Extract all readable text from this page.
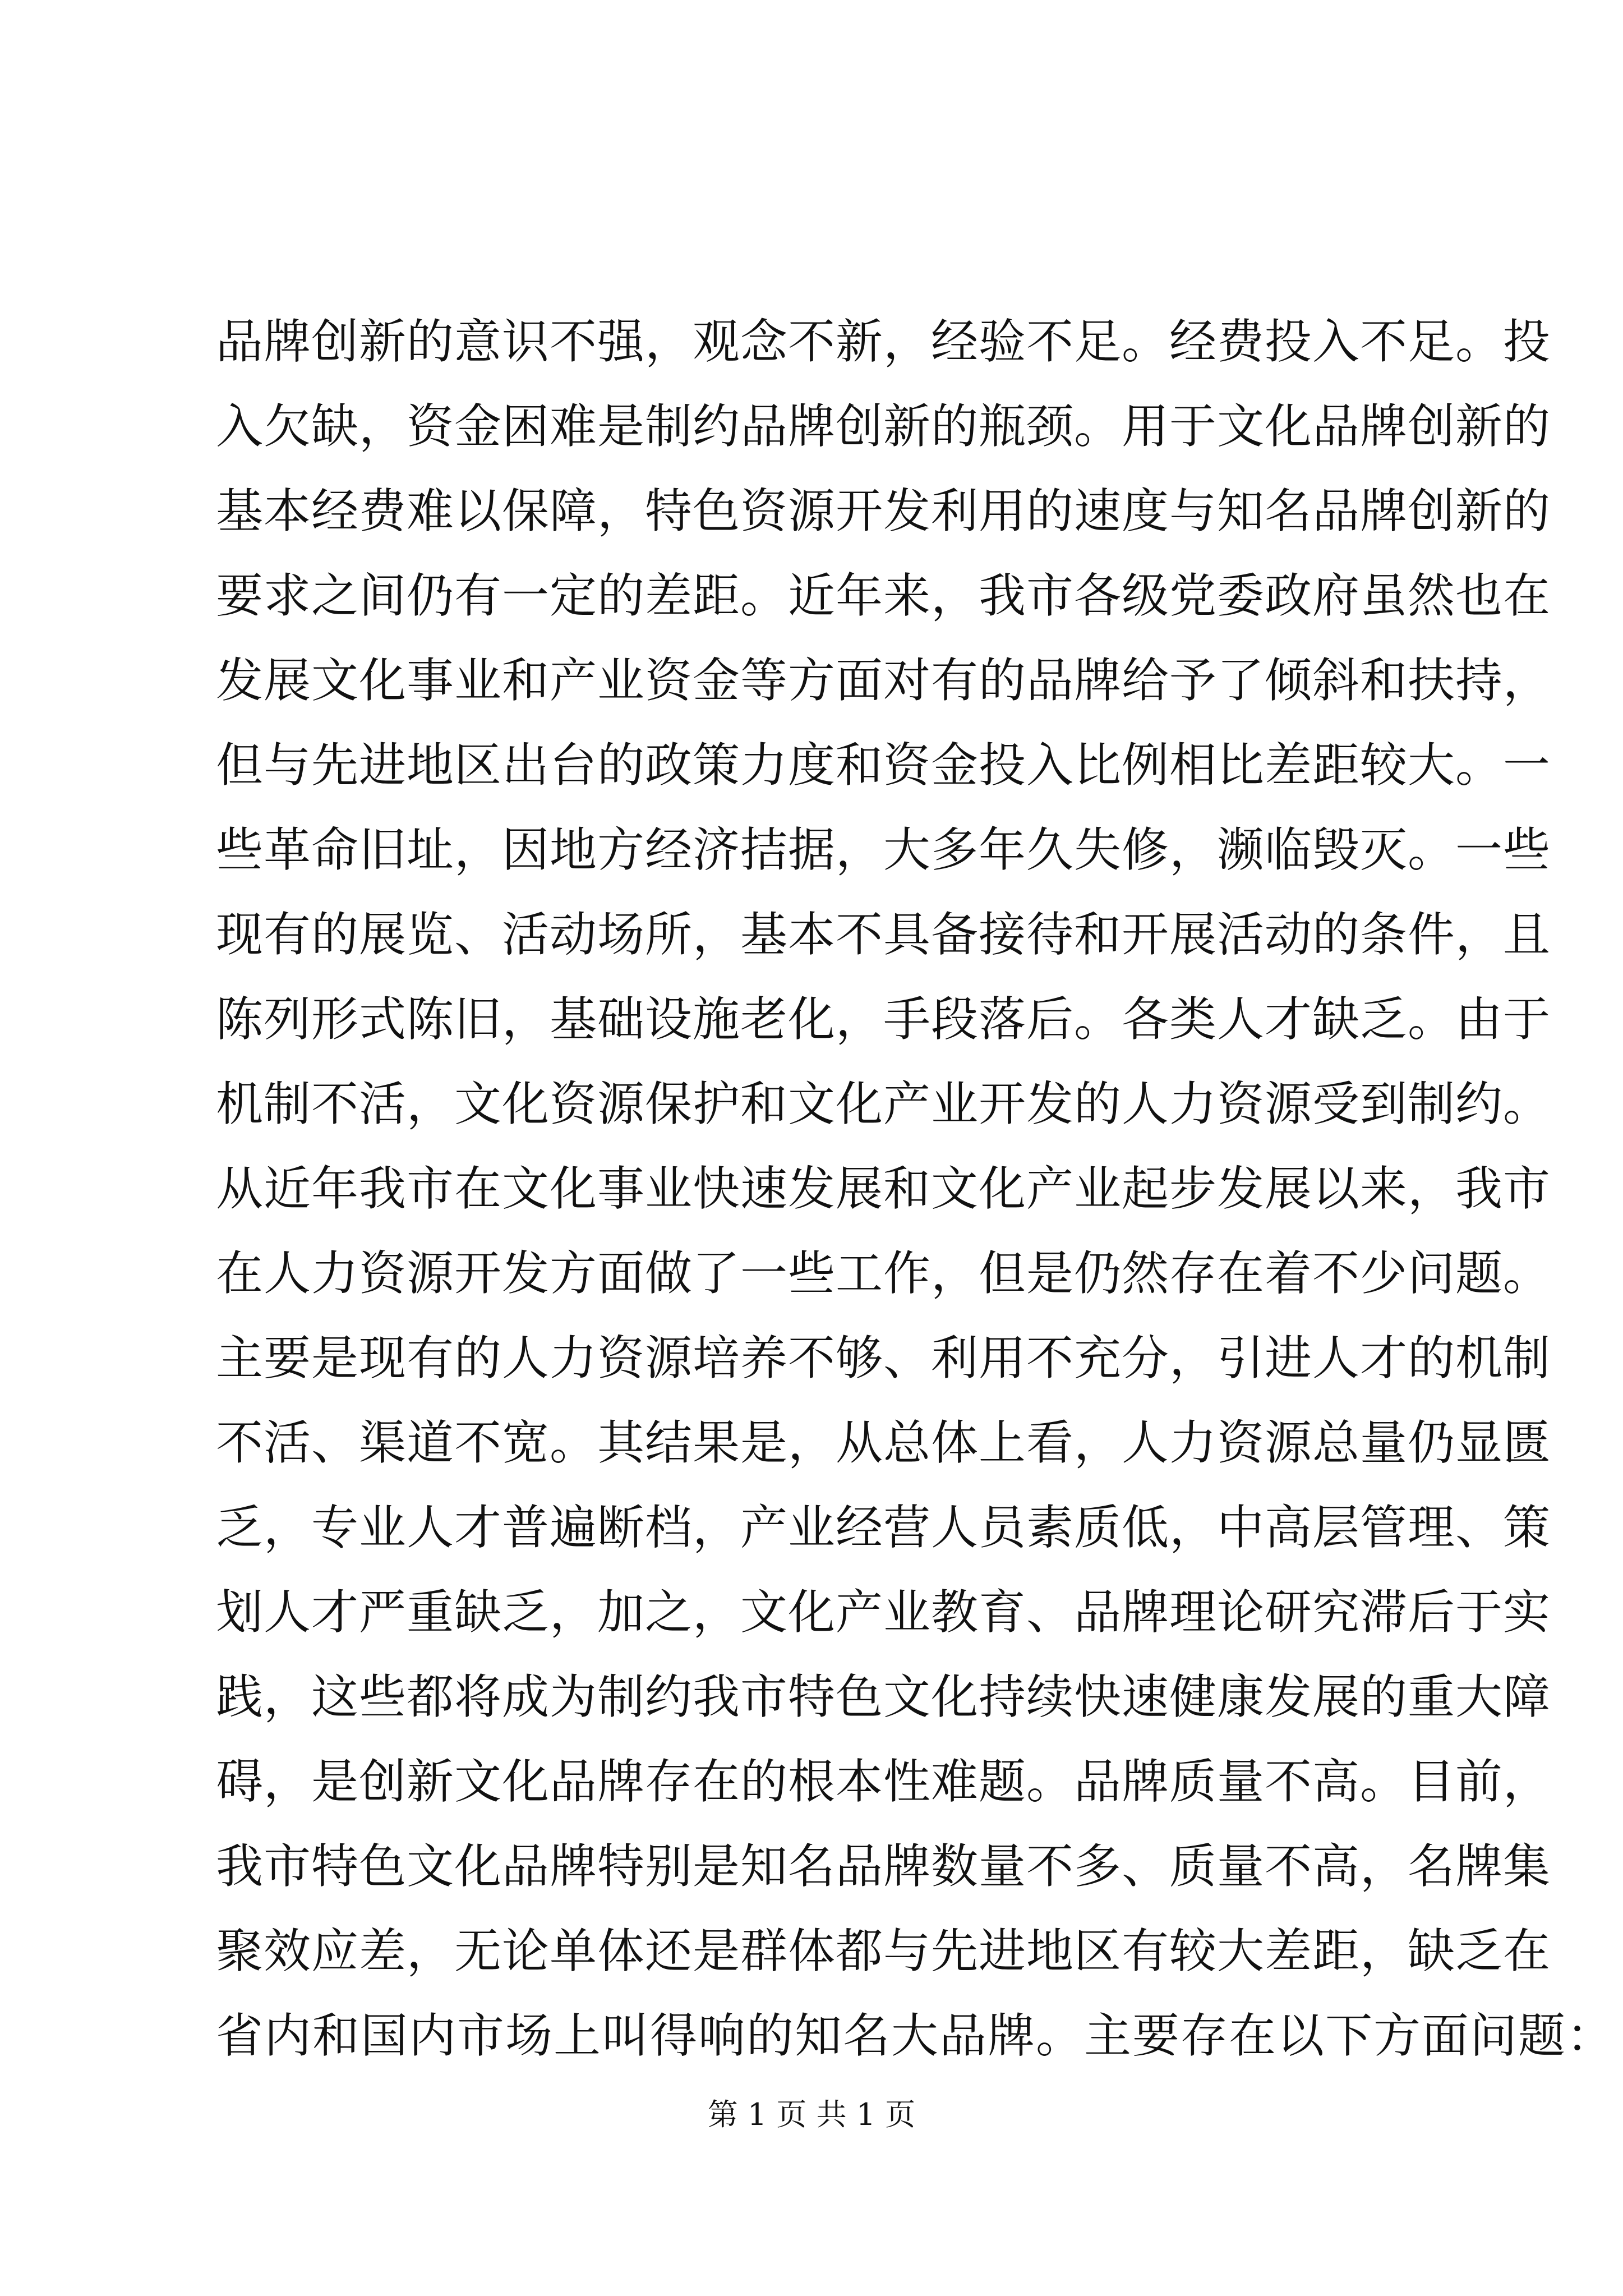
品牌创新的意识不强，观念不新，经验不足。经费投入不足。投
入欠缺，资金困难是制约品牌创新的瓶颈。用于文化品牌创新的
基本经费难以保障，特色资源开发利用的速度与知名品牌创新的
要求之间仍有一定的差距。近年来，我市各级党委政府虽然也在
发展文化事业和产业资金等方面对有的品牌给予了倾斜和扶持，
但与先进地区出台的政策力度和资金投入比例相比差距较大。一
些革命旧址，因地方经济拮据，大多年久失修，濒临毁灭。一些
现有的展览、活动场所，基本不具备接待和开展活动的条件，且
陈列形式陈旧，基础设施老化，手段落后。各类人才缺乏。由于
机制不活，文化资源保护和文化产业开发的人力资源受到制约。
从近年我市在文化事业快速发展和文化产业起步发展以来，我市
在人力资源开发方面做了一些工作，但是仍然存在着不少问题。
主要是现有的人力资源培养不够、利用不充分，引进人才的机制
不活、渠道不宽。其结果是，从总体上看，人力资源总量仍显匮
乏，专业人才普遍断档，产业经营人员素质低，中高层管理、策
划人才严重缺乏，加之，文化产业教育、品牌理论研究滞后于实
践，这些都将成为制约我市特色文化持续快速健康发展的重大障
碍，是创新文化品牌存在的根本性难题。品牌质量不高。目前，
我市特色文化品牌特别是知名品牌数量不多、质量不高，名牌集
聚效应差，无论单体还是群体都与先进地区有较大差距，缺乏在
省内和国内市场上叫得响的知名大品牌。主要存在以下方面问题：
第 1 页 共 1 页
